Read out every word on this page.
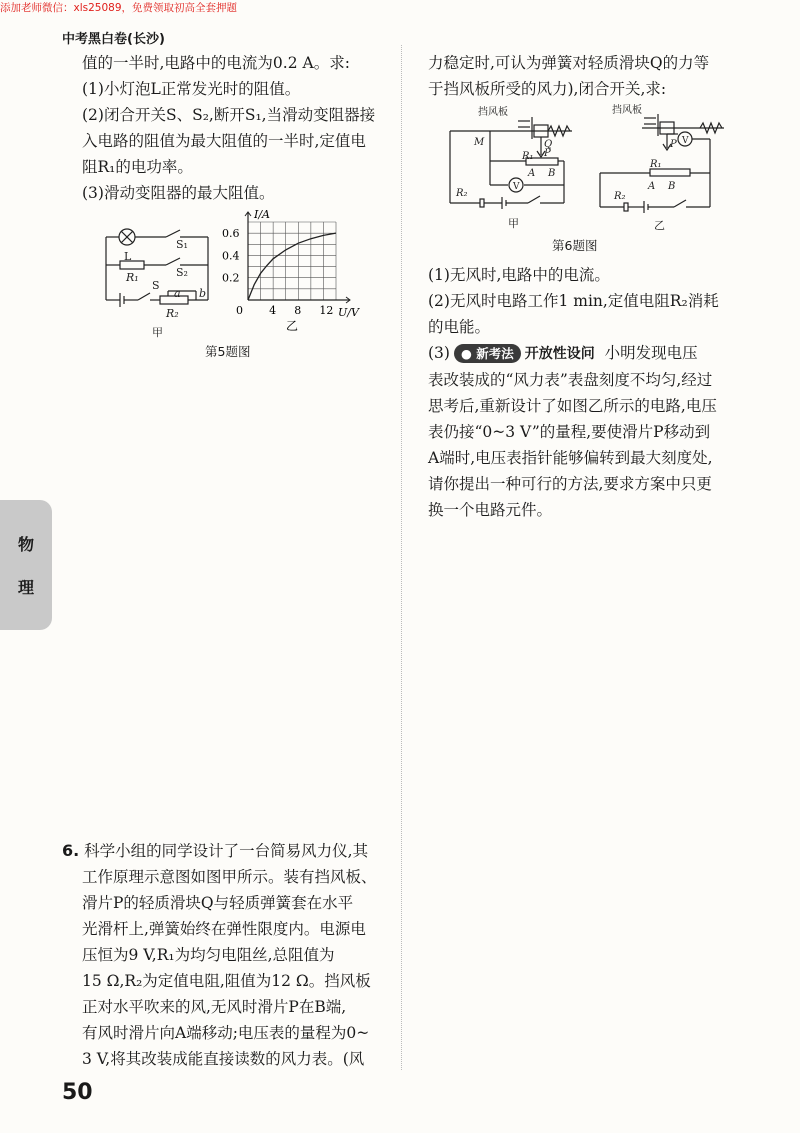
添加老师微信：xls25089，免费领取初高全套押题
中考黑白卷(长沙)
物
理
值的一半时,电路中的电流为0.2 A。求:
(1)小灯泡L正常发光时的阻值。
(2)闭合开关S、S₂,断开S₁,当滑动变阻器接
入电路的阻值为最大阻值的一半时,定值电
阻R₁的电功率。
(3)滑动变阻器的最大阻值。
L
S₁
R₁	S₂
S
a b
R₂
甲
0 4 8 12
0.2
0.4
0.6
I/A
U/V
乙
第5题图
6. 科学小组的同学设计了一台简易风力仪,其
工作原理示意图如图甲所示。装有挡风板、
滑片P的轻质滑块Q与轻质弹簧套在水平
光滑杆上,弹簧始终在弹性限度内。电源电
压恒为9 V,R₁为均匀电阻丝,总阻值为
15 Ω,R₂为定值电阻,阻值为12 Ω。挡风板
正对水平吹来的风,无风时滑片P在B端,
有风时滑片向A端移动;电压表的量程为0~
3 V,将其改装成能直接读数的风力表。(风
力稳定时,可认为弹簧对轻质滑块Q的力等
于挡风板所受的风力),闭合开关,求:
挡风板
M	Q
P
R₁
A B
V
R₂
甲
挡风板
P
R₁
V
A B
R₂
乙
第6题图
(1)无风时,电路中的电流。
(2)无风时电路工作1 min,定值电阻R₂消耗
的电能。
(3) ● 新考法 开放性设问 小明发现电压
表改装成的“风力表”表盘刻度不均匀,经过
思考后,重新设计了如图乙所示的电路,电压
表仍接“0~3 V”的量程,要使滑片P移动到
A端时,电压表指针能够偏转到最大刻度处,
请你提出一种可行的方法,要求方案中只更
换一个电路元件。
50
